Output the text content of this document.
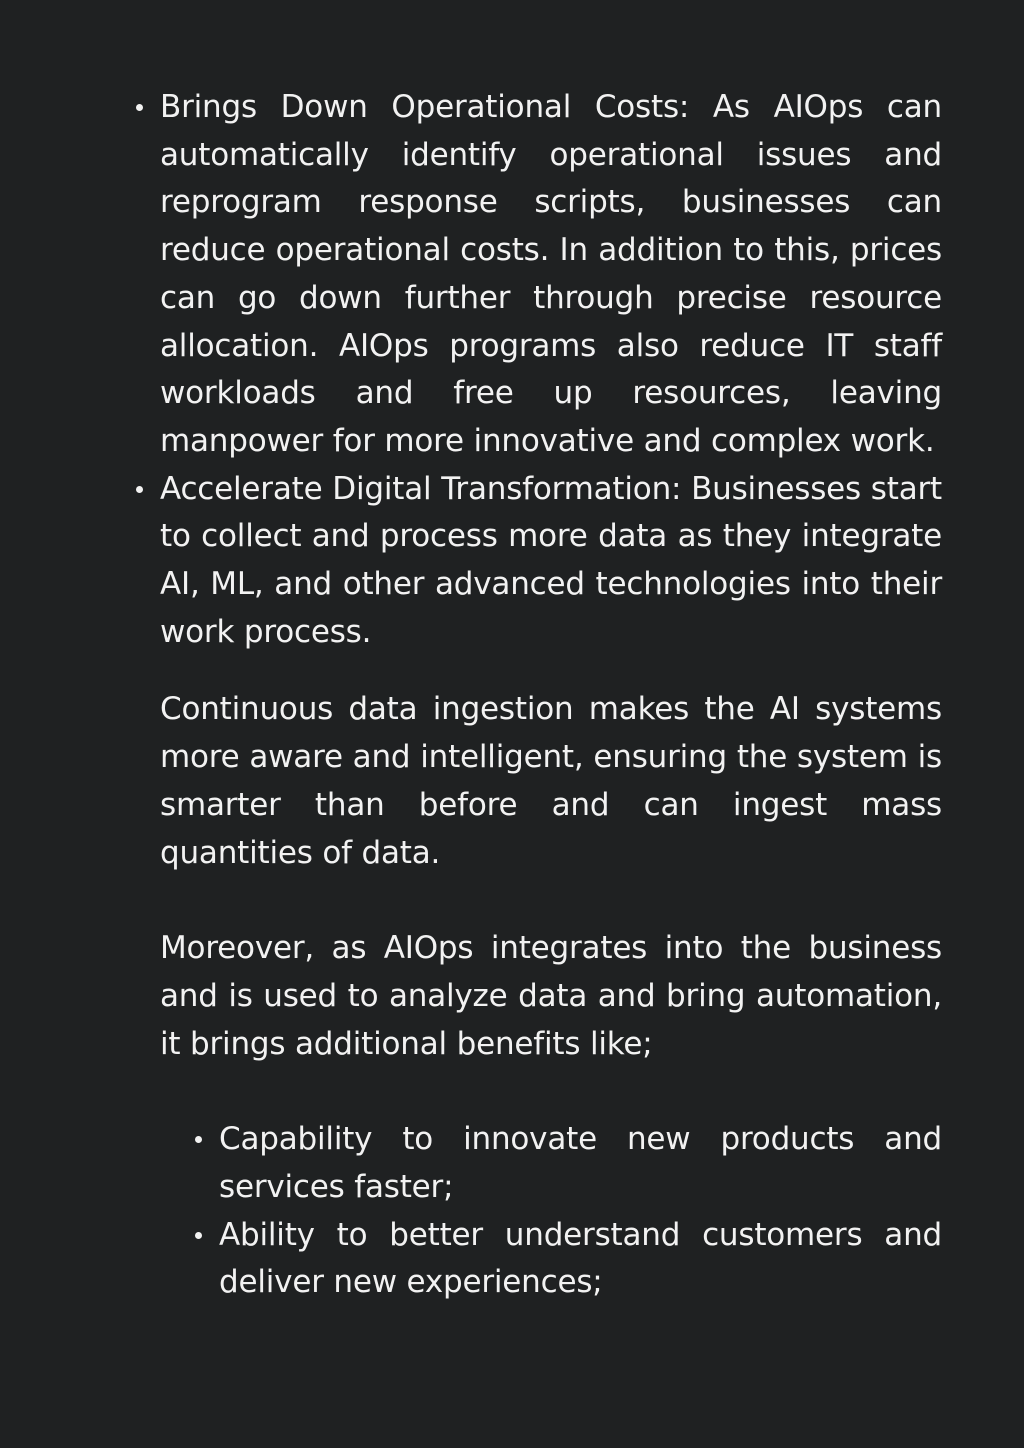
Brings Down Operational Costs: As AIOps can automatically identify operational issues and reprogram response scripts, businesses can reduce operational costs. In addition to this, prices can go down further through precise resource allocation. AIOps programs also reduce IT staff workloads and free up resources, leaving manpower for more innovative and complex work.
Accelerate Digital Transformation: Businesses start to collect and process more data as they integrate AI, ML, and other advanced technologies into their work process.

Continuous data ingestion makes the AI systems more aware and intelligent, ensuring the system is smarter than before and can ingest mass quantities of data.

Moreover, as AIOps integrates into the business and is used to analyze data and bring automation, it brings additional benefits like;

Capability to innovate new products and services faster;
Ability to better understand customers and deliver new experiences;
